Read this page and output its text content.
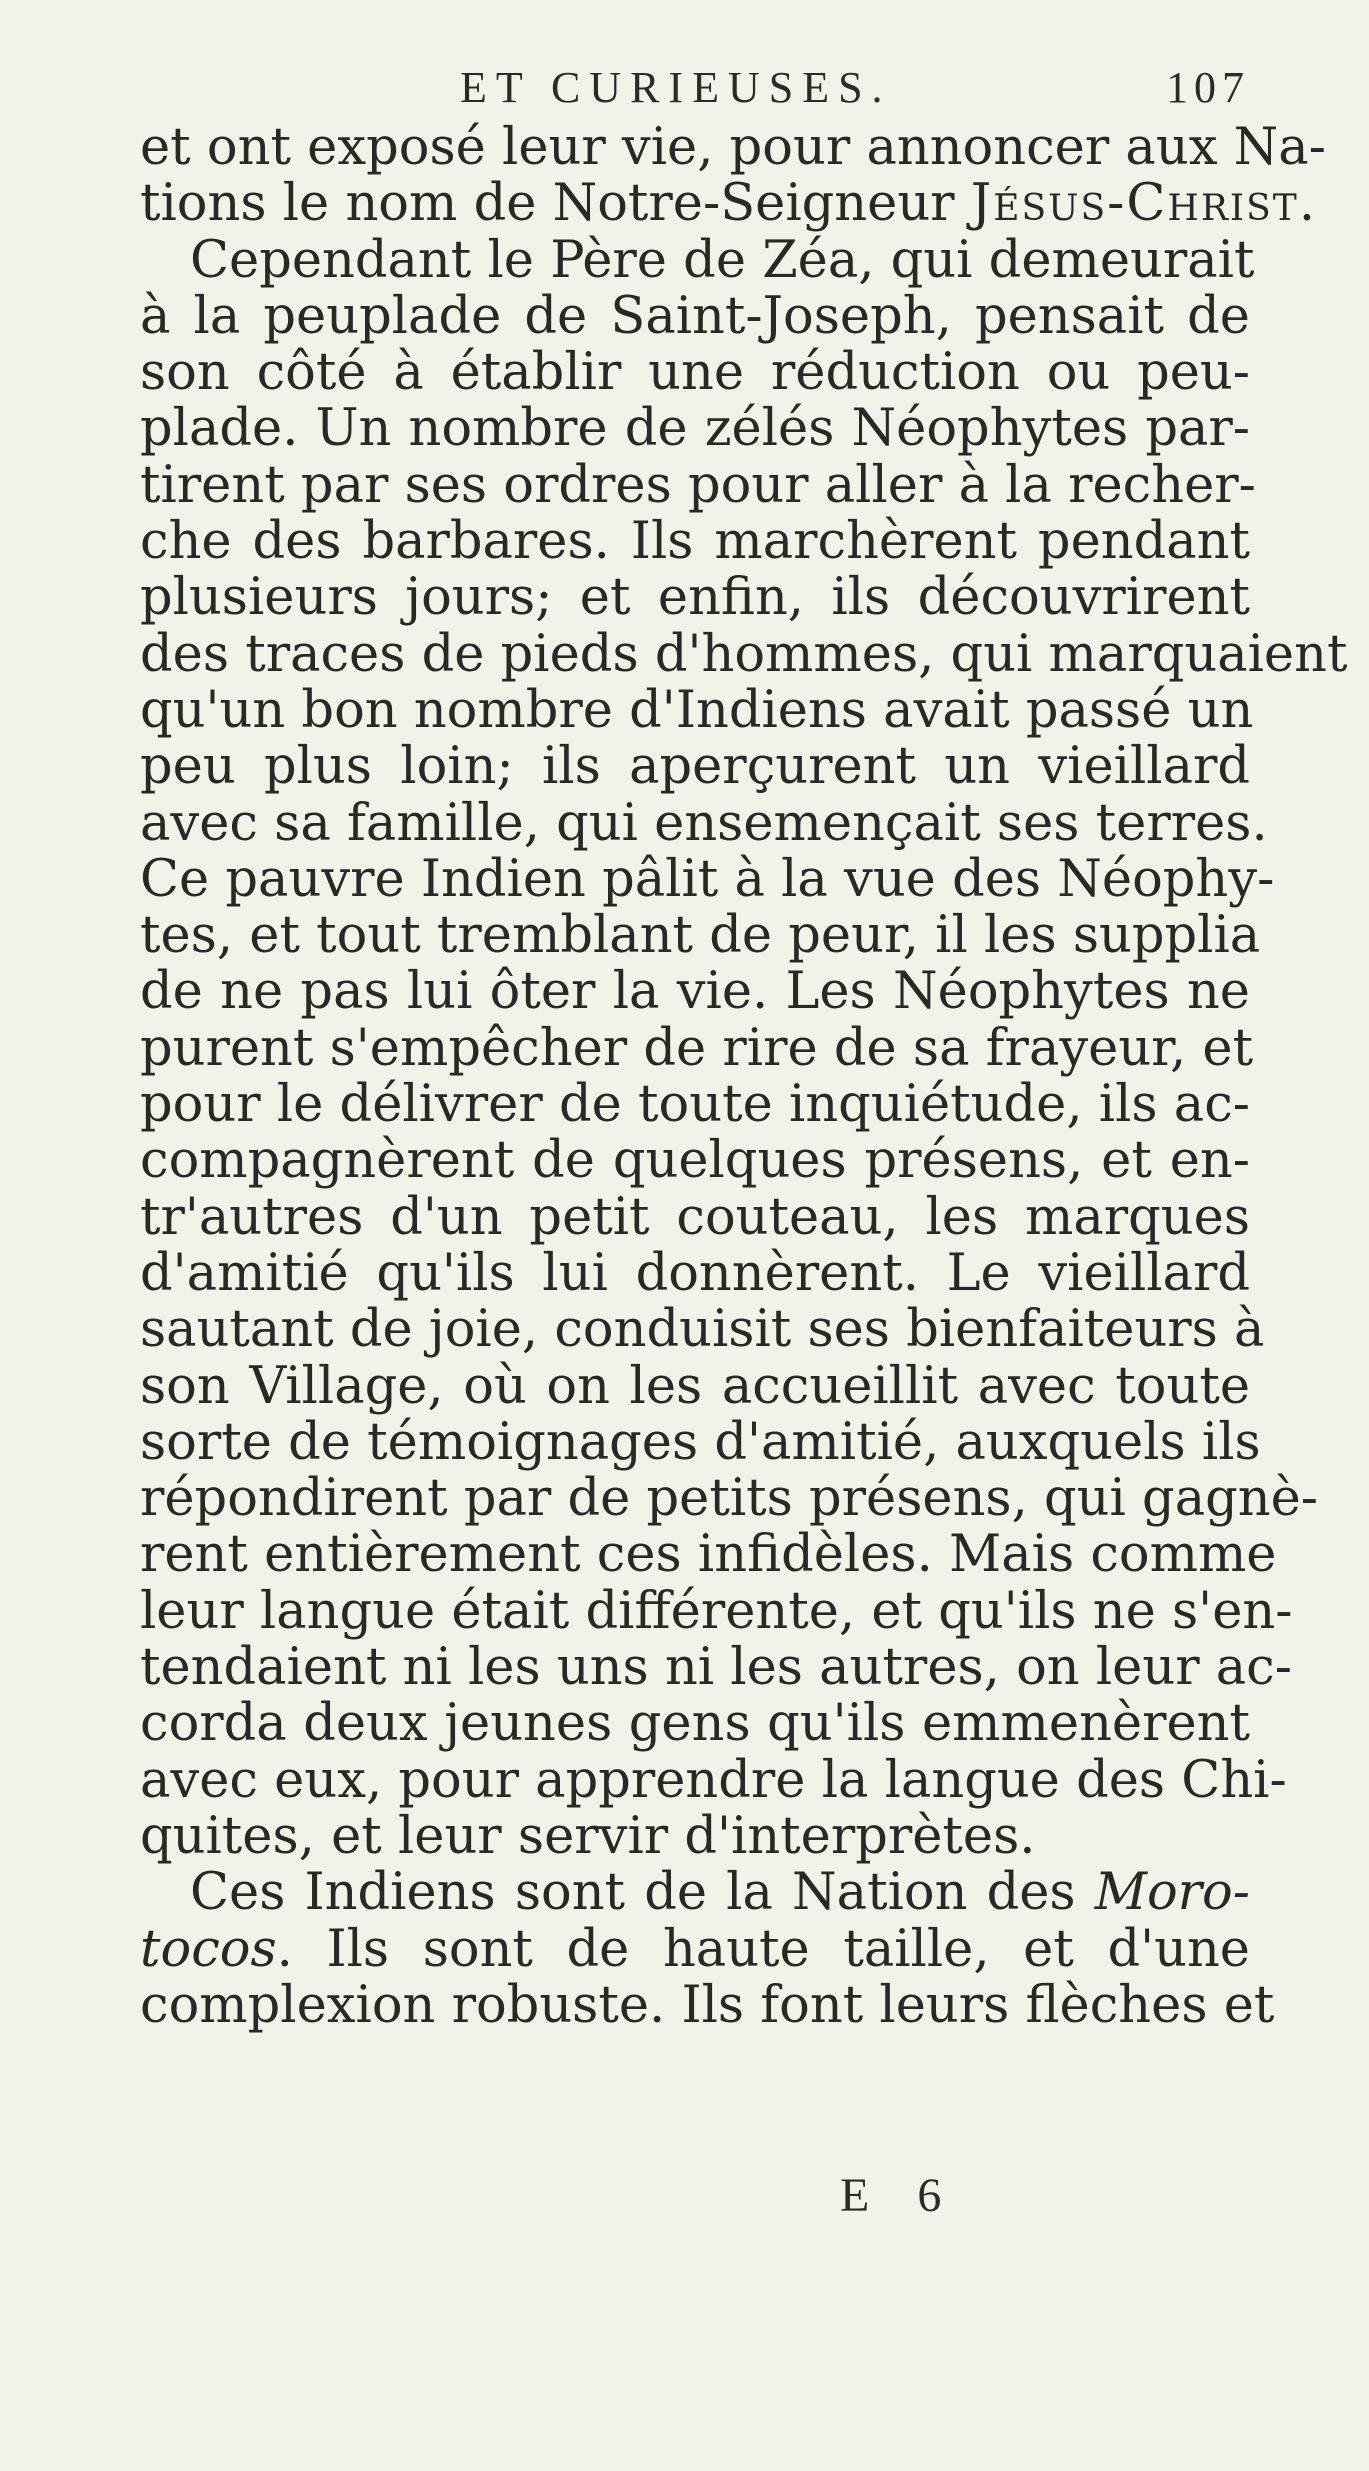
ET CURIEUSES.	107
et ont exposé leur vie, pour annoncer aux Na-
tions le nom de Notre-Seigneur Jésus-Christ.
Cependant le Père de Zéa, qui demeurait
à la peuplade de Saint-Joseph, pensait de
son côté à établir une réduction ou peu-
plade. Un nombre de zélés Néophytes par-
tirent par ses ordres pour aller à la recher-
che des barbares. Ils marchèrent pendant
plusieurs jours; et enfin, ils découvrirent
des traces de pieds d'hommes, qui marquaient
qu'un bon nombre d'Indiens avait passé un
peu plus loin; ils aperçurent un vieillard
avec sa famille, qui ensemençait ses terres.
Ce pauvre Indien pâlit à la vue des Néophy-
tes, et tout tremblant de peur, il les supplia
de ne pas lui ôter la vie. Les Néophytes ne
purent s'empêcher de rire de sa frayeur, et
pour le délivrer de toute inquiétude, ils ac-
compagnèrent de quelques présens, et en-
tr'autres d'un petit couteau, les marques
d'amitié qu'ils lui donnèrent. Le vieillard
sautant de joie, conduisit ses bienfaiteurs à
son Village, où on les accueillit avec toute
sorte de témoignages d'amitié, auxquels ils
répondirent par de petits présens, qui gagnè-
rent entièrement ces infidèles. Mais comme
leur langue était différente, et qu'ils ne s'en-
tendaient ni les uns ni les autres, on leur ac-
corda deux jeunes gens qu'ils emmenèrent
avec eux, pour apprendre la langue des Chi-
quites, et leur servir d'interprètes.
Ces Indiens sont de la Nation des Moro-
tocos. Ils sont de haute taille, et d'une
complexion robuste. Ils font leurs flèches et
E 6
